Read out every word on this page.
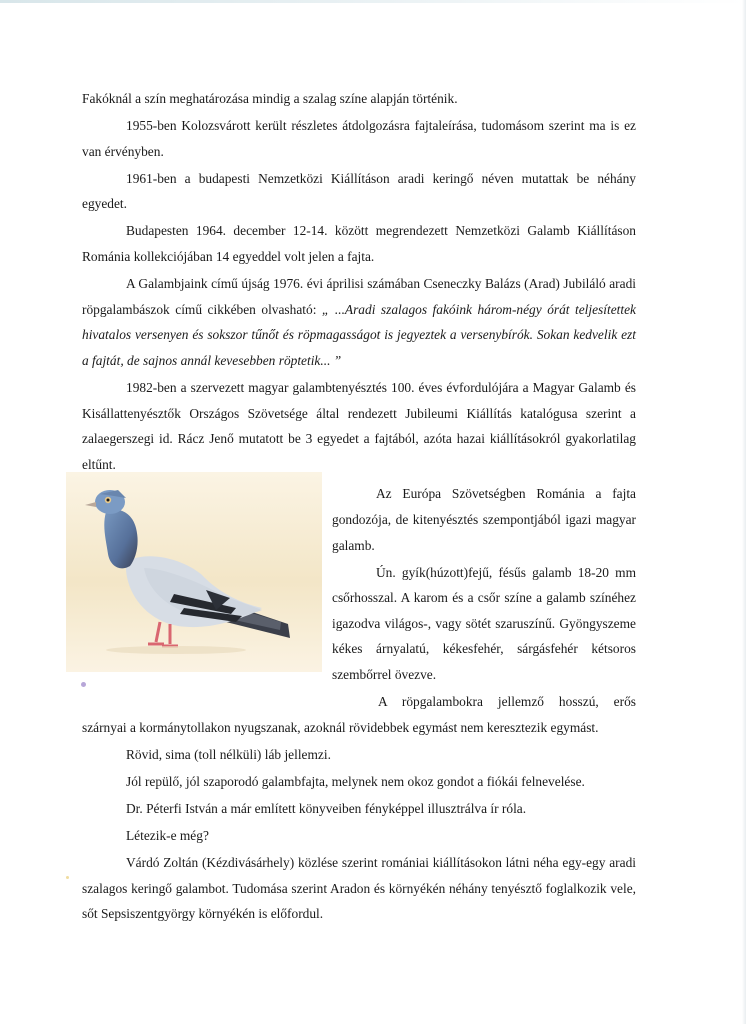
Fakóknál a szín meghatározása mindig a szalag színe alapján történik.

1955-ben Kolozsvárott került részletes átdolgozásra fajtaleírása, tudomásom szerint ma is ez van érvényben.

1961-ben a budapesti Nemzetközi Kiállításon aradi keringő néven mutattak be néhány egyedet.

Budapesten 1964. december 12-14. között megrendezett Nemzetközi Galamb Kiállításon Románia kollekciójában 14 egyeddel volt jelen a fajta.

A Galambjaink című újság 1976. évi áprilisi számában Cseneczky Balázs (Arad) Jubiláló aradi röpgalambászok című cikkében olvasható: „ ...Aradi szalagos fakóink három-négy órát teljesítettek hivatalos versenyen és sokszor tűnőt és röpmagasságot is jegyeztek a versenybírók. Sokan kedvelik ezt a fajtát, de sajnos annál kevesebben röptetik... ”

1982-ben a szervezett magyar galambtenyésztés 100. éves évfordulójára a Magyar Galamb és Kisállattenyésztők Országos Szövetsége által rendezett Jubileumi Kiállítás katalógusa szerint a zalaegerszegi id. Rácz Jenő mutatott be 3 egyedet a fajtából, azóta hazai kiállításokról gyakorlatilag eltűnt.

Az Európa Szövetségben Románia a fajta gondozója, de kitenyésztés szempontjából igazi magyar galamb.

Ún. gyík(húzott)fejű, fésűs galamb 18-20 mm csőrhosszal. A karom és a csőr színe a galamb színéhez igazodva világos-, vagy sötét szaruszínű. Gyöngyszeme kékes árnyalatú, kékesfehér, sárgásfehér kétsoros szembőrrel övezve.

A röpgalambokra jellemző hosszú, erős szárnyai a kormánytollakon nyugszanak, azoknál rövidebbek egymást nem keresztezik egymást.

Rövid, sima (toll nélküli) láb jellemzi.

Jól repülő, jól szaporodó galambfajta, melynek nem okoz gondot a fiókái felnevelése.

Dr. Péterfi István a már említett könyveiben fényképpel illusztrálva ír róla.

Létezik-e még?

Várdó Zoltán (Kézdivásárhely) közlése szerint romániai kiállításokon látni néha egy-egy aradi szalagos keringő galambot. Tudomása szerint Aradon és környékén néhány tenyésztő foglalkozik vele, sőt Sepsiszentgyörgy környékén is előfordul.
